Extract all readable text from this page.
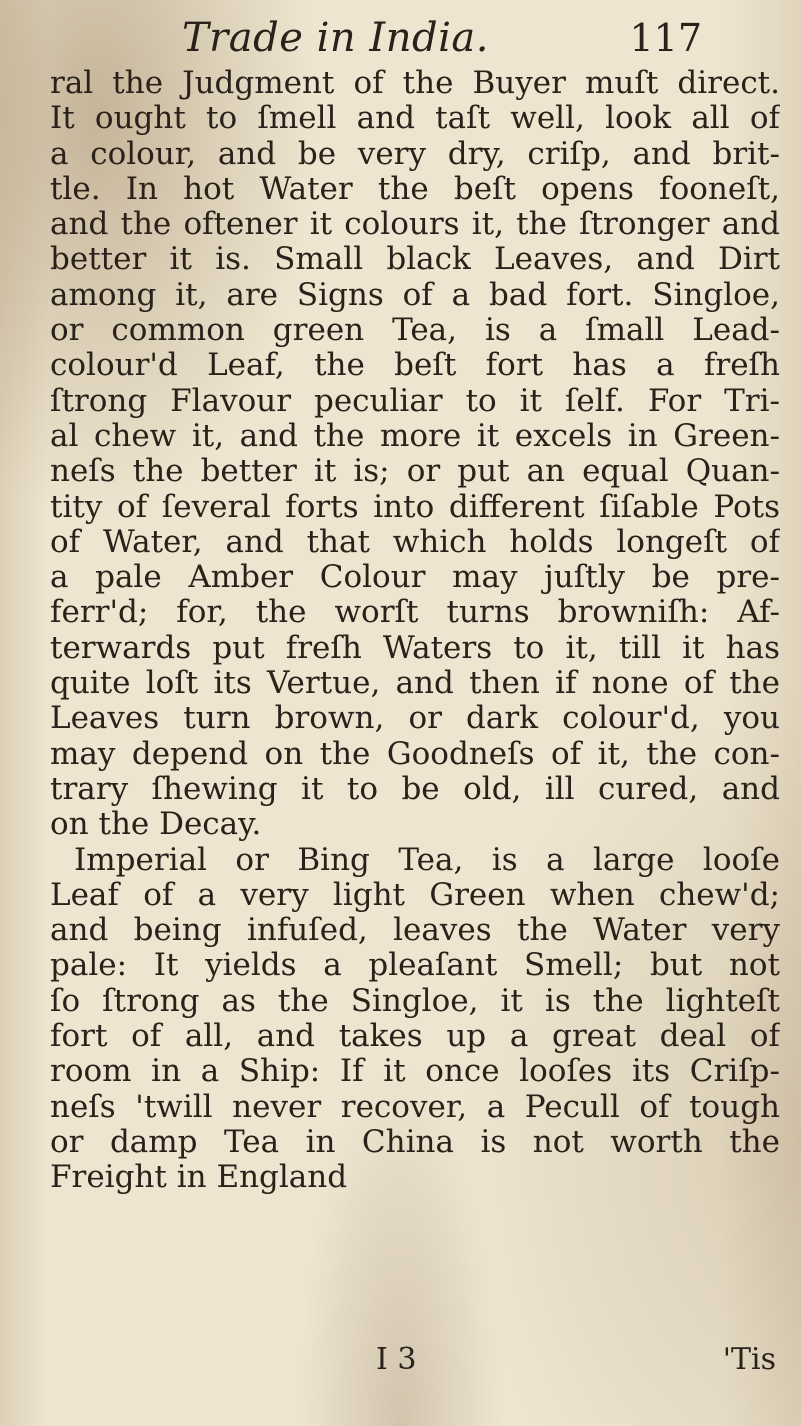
Trade in India.	117
ral the Judgment of the Buyer muſt direct.
It ought to ſmell and taſt well, look all of
a colour, and be very dry, criſp, and brit-
tle. In hot Water the beſt opens fooneſt,
and the oftener it colours it, the ſtronger and
better it is. Small black Leaves, and Dirt
among it, are Signs of a bad fort. Singloe,
or common green Tea, is a ſmall Lead-
colour'd Leaf, the beſt fort has a freſh
ſtrong Flavour peculiar to it ſelf. For Tri-
al chew it, and the more it excels in Green-
neſs the better it is; or put an equal Quan-
tity of ſeveral forts into different ſiſable Pots
of Water, and that which holds longeſt of
a pale Amber Colour may juſtly be pre-
ferr'd; for, the worſt turns browniſh: Af-
terwards put freſh Waters to it, till it has
quite loſt its Vertue, and then if none of the
Leaves turn brown, or dark colour'd, you
may depend on the Goodneſs of it, the con-
trary ſhewing it to be old, ill cured, and
on the Decay.
Imperial or Bing Tea, is a large looſe
Leaf of a very light Green when chew'd;
and being infuſed, leaves the Water very
pale: It yields a pleaſant Smell; but not
ſo ſtrong as the Singloe, it is the lighteſt
fort of all, and takes up a great deal of
room in a Ship: If it once looſes its Criſp-
neſs 'twill never recover, a Pecull of tough
or damp Tea in China is not worth the
Freight in England
I 3	'Tis
